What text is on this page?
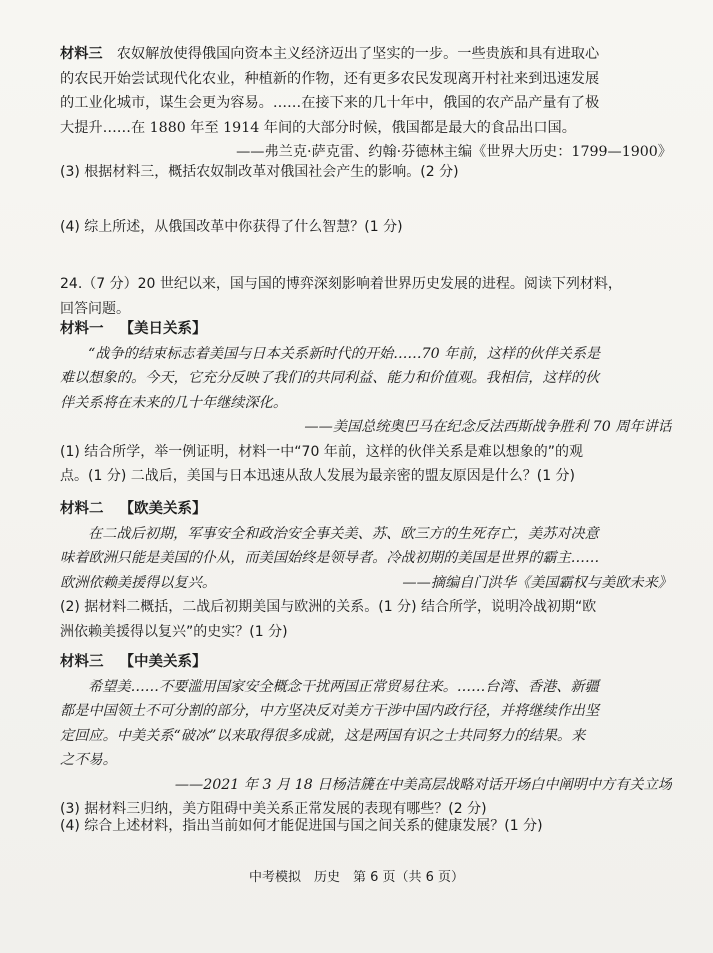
材料三　 农奴解放使得俄国向资本主义经济迈出了坚实的一步。一些贵族和具有进取心
的农民开始尝试现代化农业，种植新的作物，还有更多农民发现离开村社来到迅速发展
的工业化城市，谋生会更为容易。……在接下来的几十年中，俄国的农产品产量有了极
大提升……在 1880 年至 1914 年间的大部分时候，俄国都是最大的食品出口国。
——弗兰克·萨克雷、约翰·芬德林主编《世界大历史：1799—1900》
(3) 根据材料三，概括农奴制改革对俄国社会产生的影响。(2 分)
(4) 综上所述，从俄国改革中你获得了什么智慧？(1 分)
24.（7 分）20 世纪以来，国与国的博弈深刻影响着世界历史发展的进程。阅读下列材料，
回答问题。
材料一 【美日关系】
“战争的结束标志着美国与日本关系新时代的开始……70 年前，这样的伙伴关系是
难以想象的。今天，它充分反映了我们的共同利益、能力和价值观。我相信，这样的伙
伴关系将在未来的几十年继续深化。
——美国总统奥巴马在纪念反法西斯战争胜利 70 周年讲话
(1) 结合所学，举一例证明，材料一中“70 年前，这样的伙伴关系是难以想象的”的观
点。(1 分) 二战后，美国与日本迅速从敌人发展为最亲密的盟友原因是什么？(1 分)
材料二 【欧美关系】
在二战后初期，军事安全和政治安全事关美、苏、欧三方的生死存亡，美苏对决意
味着欧洲只能是美国的仆从，而美国始终是领导者。冷战初期的美国是世界的霸主……
欧洲依赖美援得以复兴。	——摘编自门洪华《美国霸权与美欧未来》
(2) 据材料二概括，二战后初期美国与欧洲的关系。(1 分) 结合所学，说明冷战初期“欧
洲依赖美援得以复兴”的史实？(1 分)
材料三 【中美关系】
希望美……不要滥用国家安全概念干扰两国正常贸易往来。……台湾、香港、新疆
都是中国领土不可分割的部分，中方坚决反对美方干涉中国内政行径，并将继续作出坚
定回应。中美关系“破冰”以来取得很多成就，这是两国有识之士共同努力的结果。来
之不易。
——2021 年 3 月 18 日杨洁篪在中美高层战略对话开场白中阐明中方有关立场
(3) 据材料三归纳，美方阻碍中美关系正常发展的表现有哪些？(2 分)
(4) 综合上述材料，指出当前如何才能促进国与国之间关系的健康发展？(1 分)
中考模拟　历史　第 6 页（共 6 页）
